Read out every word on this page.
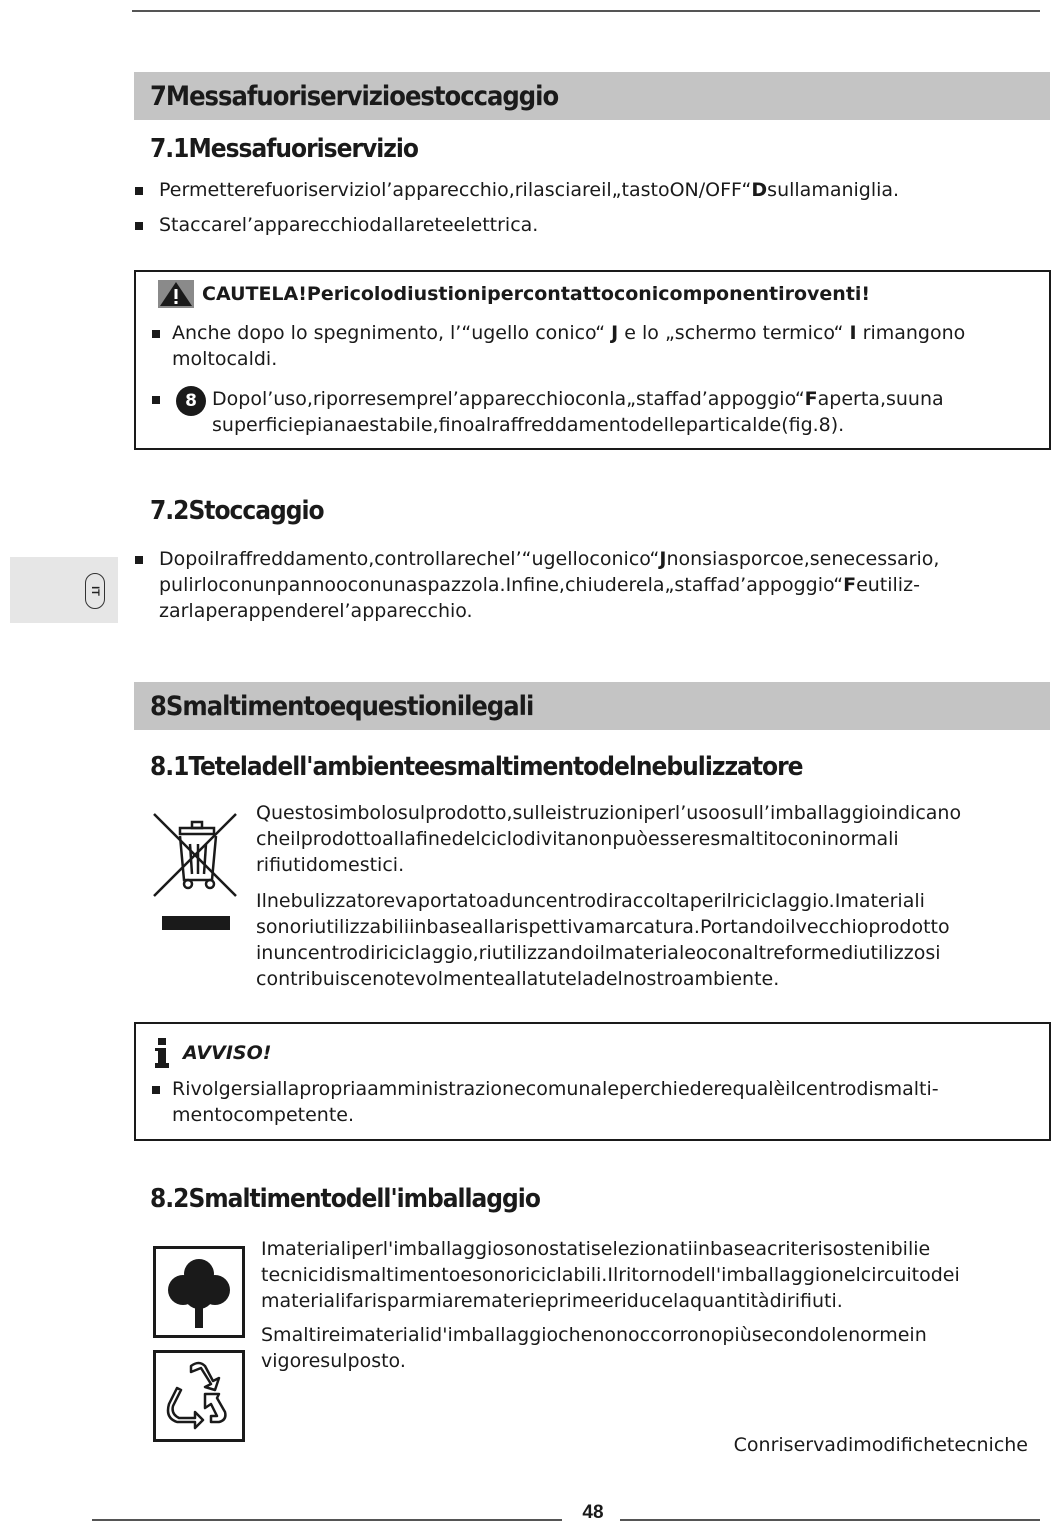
IT
7Messafuoriservizioestoccaggio
7.1Messafuoriservizio
Permetterefuoriserviziol’apparecchio,rilasciareil„tastoON/OFF“Dsullamaniglia.
Staccarel’apparecchiodallareteelettrica.
CAUTELA!Pericolodiustionipercontattoconicomponentiroventi!
Anche dopo lo spegnimento, l’“ugello conico“ J e lo „schermo termico“ I rimangono moltocaldi.
8 Dopol’uso,riporresemprel’apparecchioconla„staffad’appoggio“Faperta,suuna superficiepianaestabile,finoalraffreddamentodelleparticalde(fig.8).
7.2Stoccaggio
Dopoilraffreddamento,controllarechel’“ugelloconico“Jnonsiasporcoe,senecessario, pulirloconunpannooconunaspazzola.Infine,chiuderela„staffad’appoggio“Feutilizzarlaperappenderel’apparecchio.
8Smaltimentoequestionilegali
8.1Teteladell'ambienteesmaltimentodelnebulizzatore
Questosimbolosulprodotto,sulleistruzioniperl’usoosull’imballaggioindicano cheilprodottoallafinedelciclodivitanonpuòesseresmaltitoconinormali rifiutidomestici.
Ilnebulizzatorevaportatoaduncentrodiraccoltaperilriciclaggio.Imateriali sonoriutilizzabiliinbaseallarispettivamarcatura.Portandoilvecchioprodotto inuncentrodiriciclaggio,riutilizzandoilmaterialeoconaltreformediutilizzosi contribuiscenotevolmenteallatuteladelnostroambiente.
AVVISO!
Rivolgersiallapropriaamministrazionecomunaleperchiederequalèilcentrodismaltimentocompetente.
8.2Smaltimentodell'imballaggio
Imaterialiperl'imballaggiosonostatiselezionatiinbaseacriterisostenibilie tecnicidismaltimentoesonoriciclabili.Ilritornodell'imballaggionelcircuitodei materialifarisparmiarematerieprimeeriducelaquantitàdirifiuti.
Smaltireimaterialid'imballaggiochenonoccorronopiùsecondolenormein vigoresulposto.
Conriservadimodifichetecniche
48
